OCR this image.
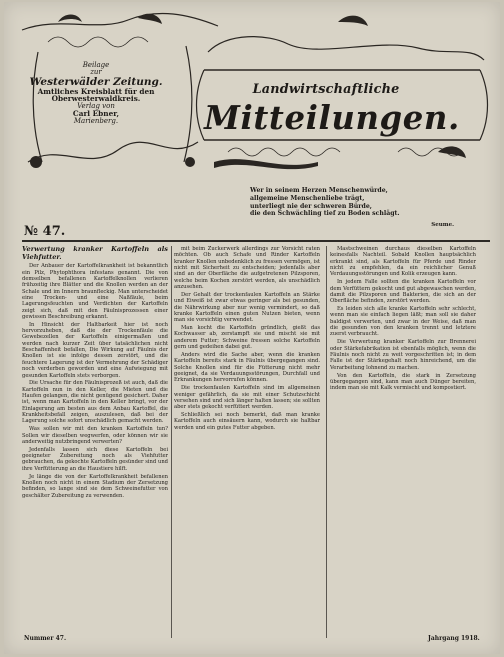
Beilage
zur
Westerwälder Zeitung.
Amtliches Kreisblatt für den
Oberwesterwaldkreis.
Verlag von
Carl Ebner,
Marienberg.
Landwirtschaftliche
Mitteilungen.
Wer in seinem Herzen Menschenwürde,
allgemeine Menschenliebe trägt,
unterliegt nie der schweren Bürde,
die den Schwächling tief zu Boden schlägt.
Seume.
№ 47.
Verwertung kranker Kartoffeln als Viehfutter.

Der Anbauer der Kartoffelkrankheit ist bekanntlich ein Pilz, Phytophthora infestans genannt. Die von demselben befallenen Kartoffelknollen verlieren frühzeitig ihre Blätter und die Knollen werden an der Schale und im Innern braunfleckig. Man unterscheidet eine Trocken- und eine Naßfäule, beim Lagerungsfeuchten und Verdichten der Kartoffeln zeigt sich, daß mit den Fäulnisprozessen einer gewissen Beschreibung erkannt.

In Hinsicht der Haltbarkeit hier ist noch hervorzuheben, daß die der Trockenfäule die Gewebezellen der Kartoffeln einigermaßen und werden nach kurzer Zeit über tatsächlichen nicht Beschaffenheit befallen, Die Wirkung auf Fäulnis der Knollen ist sie infolge dessen zerstört, und die feuchtere Lagerung ist der Vermehrung der Schädiger noch verderben geworden und eine Aufwiegung mit gesunden Kartoffeln stets verborgen.

Die Ursache für den Fäulnisprozeß ist auch, daß die Kartoffeln nun in den Keller, die Mieten und die Haufen gelangen, die nicht genügend gesichert. Daher ist, wenn man Kartoffeln in den Keller bringt, vor der Einlagerung am besten aus dem Anbau Kartoffel, die Krankheitsbefall zeigen, auszulesen, daß bei der Lagerung solche sofort unschädlich gemacht werden.

Was sollen wir mit den kranken Kartoffeln tun? Sollen wir dieselben wegwerfen, oder können wir sie anderweitig nutzbringend verwerten?

Jedenfalls lassen sich diese Kartoffeln bei geeigneter Zubereitung noch als Viehfutter gebrauchen, da gekochte Kartoffeln gesünder sind und ihre Verfütterung an die Haustiere hilft.

Je länge die von der Kartoffelkrankheit befallenen Knollen noch nicht in einem Stadium der Zersetzung befinden, so lange sind sie dem Schweinefutter von geschälter Zubereitung zu verwenden.

mit beim Zuckerwerk allerdings zur Vorsicht raten möchten. Ob auch Schafe und Rinder Kartoffeln kranker Knollen unbedenklich zu fressen vermögen, ist nicht mit Sicherheit zu entscheiden; jedenfalls aber sind an der Oberfläche die aufgetretenen Pilzsporen, welche beim Kochen zerstört werden, als unschädlich anzusehen.

Der Gehalt der trockenfaulen Kartoffeln an Stärke und Eiweiß ist zwar etwas geringer als bei gesunden, die Nährwirkung aber nur wenig vermindert, so daß kranke Kartoffeln einen guten Nutzen bieten, wenn man sie vorsichtig verwendet.

Man kocht die Kartoffeln gründlich, gießt das Kochwasser ab, zerstampft sie und mischt sie mit anderem Futter; Schweine fressen solche Kartoffeln gern und gedeihen dabei gut.

Anders wird die Sache aber, wenn die kranken Kartoffeln bereits stark in Fäulnis übergegangen sind. Solche Knollen sind für die Fütterung nicht mehr geeignet, da sie Verdauungsstörungen, Durchfall und Erkrankungen hervorrufen können.

Die trockenfaulen Kartoffeln sind im allgemeinen weniger gefährlich, da sie mit einer Schutzschicht versehen sind und sich länger halten lassen; sie sollten aber stets gekocht verfüttert werden.

Schließlich sei noch bemerkt, daß man kranke Kartoffeln auch einsäuern kann, wodurch sie haltbar werden und ein gutes Futter abgeben.

Mastschweinen durchaus dieselben Kartoffeln keinesfalls Nachteil. Sobald Knollen hauptsächlich erkrankt sind, als Kartoffeln für Pferde und Rinder nicht zu empfehlen, da ein reichlicher Genuß Verdauungsstörungen und Kolik erzeugen kann.

In jedem Falle sollten die kranken Kartoffeln vor dem Verfüttern gekocht und gut abgewaschen werden, damit die Pilzsporen und Bakterien, die sich an der Oberfläche befinden, zerstört werden.

Es leiden sich alle kranke Kartoffeln sehr schlecht, wenn man sie einfach liegen läßt; man soll sie daher baldigst verwerten, und zwar in der Weise, daß man die gesunden von den kranken trennt und letztere zuerst verbraucht.

Die Verwertung kranker Kartoffeln zur Brennerei oder Stärkefabrikation ist ebenfalls möglich, wenn die Fäulnis noch nicht zu weit vorgeschritten ist; in dem Falle ist der Stärkegehalt noch hinreichend, um die Verarbeitung lohnend zu machen.

Von den Kartoffeln, die stark in Zersetzung übergegangen sind, kann man auch Dünger bereiten, indem man sie mit Kalk vermischt und kompostiert.

Nummer 47.	Jahrgang 1918.
